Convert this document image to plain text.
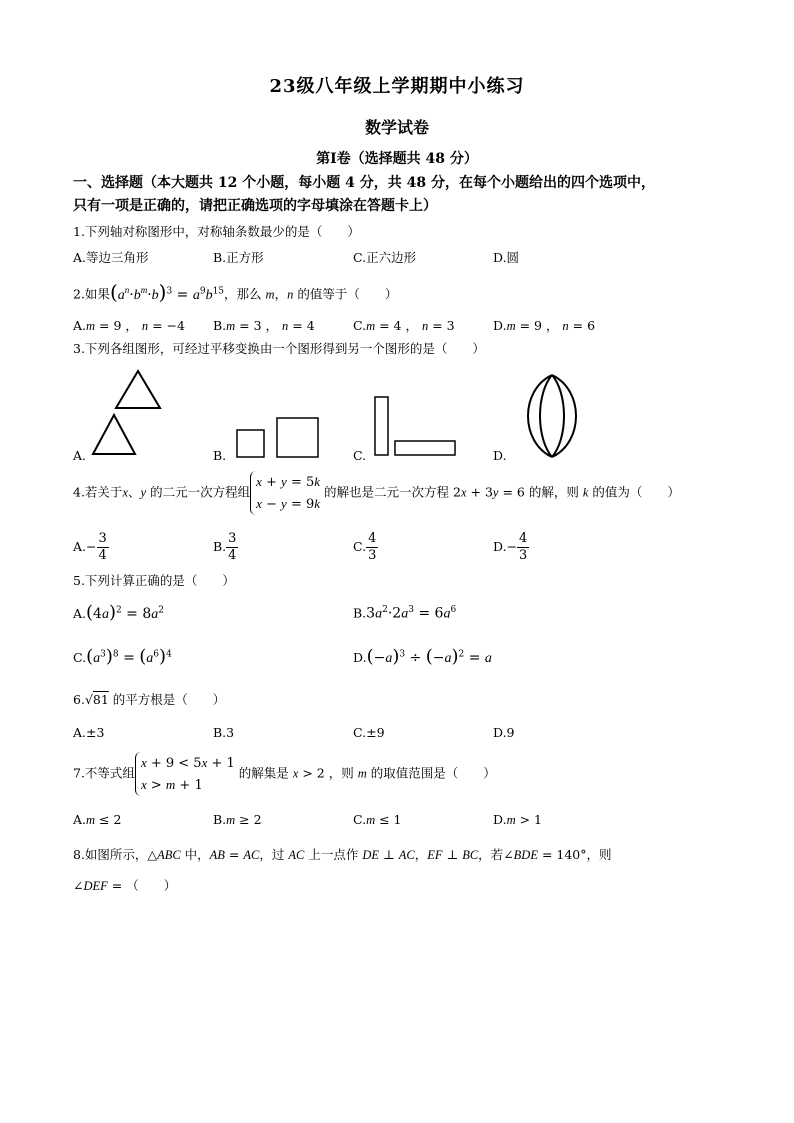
23级八年级上学期期中小练习
数学试卷
第Ⅰ卷（选择题共 48 分）
一、选择题（本大题共 12 个小题，每小题 4 分，共 48 分，在每个小题给出的四个选项中，
只有一项是正确的，请把正确选项的字母填涂在答题卡上）
1.下列轴对称图形中，对称轴条数最少的是（　　）
A.等边三角形	B.正方形	C.正六边形	D.圆
2.如果$(a^n\cdot b^m\cdot b)^3 = a^9b^{15}$，那么 m，n 的值等于（　　）
A.m = 9 ， n = −4 B.m = 3 ， n = 4	C.m = 4 ， n = 3	D.m = 9 ， n = 6
3.下列各组图形，可经过平移变换由一个图形得到另一个图形的是（　　）
A.	B.	C.	D.
4.若关于x、y 的二元一次方程组x + y = 5k
x − y = 9k 的解也是二元一次方程 2x + 3y = 6 的解，则 k 的值为（　　）
$A.- \frac{3}{4}$	B. $\frac{3}{4}$	C. $\frac{4}{3}$	$D.- \frac{4}{3}$
5.下列计算正确的是（　　）
$A.(4a)^2 = 8a^2$	$B.3a^2\cdot 2a^3 = 6a^6$
$C.(a^3)^8 = (a^6)^4$	$D.(-a)^3 \div (-a)^2 = a$
6.√81 的平方根是（　　）
A.±3	B.3	C.±9	D.9
7.不等式组x + 9 < 5x + 1
x > m + 1 的解集是 x > 2 ，则 m 的取值范围是（　　）
A.m ≤ 2	B.m ≥ 2	C.m ≤ 1	D.m > 1
8.如图所示，△ABC 中，AB = AC，过 AC 上一点作 DE ⊥ AC，EF ⊥ BC，若∠BDE = 140°，则
∠DEF = （　　）
